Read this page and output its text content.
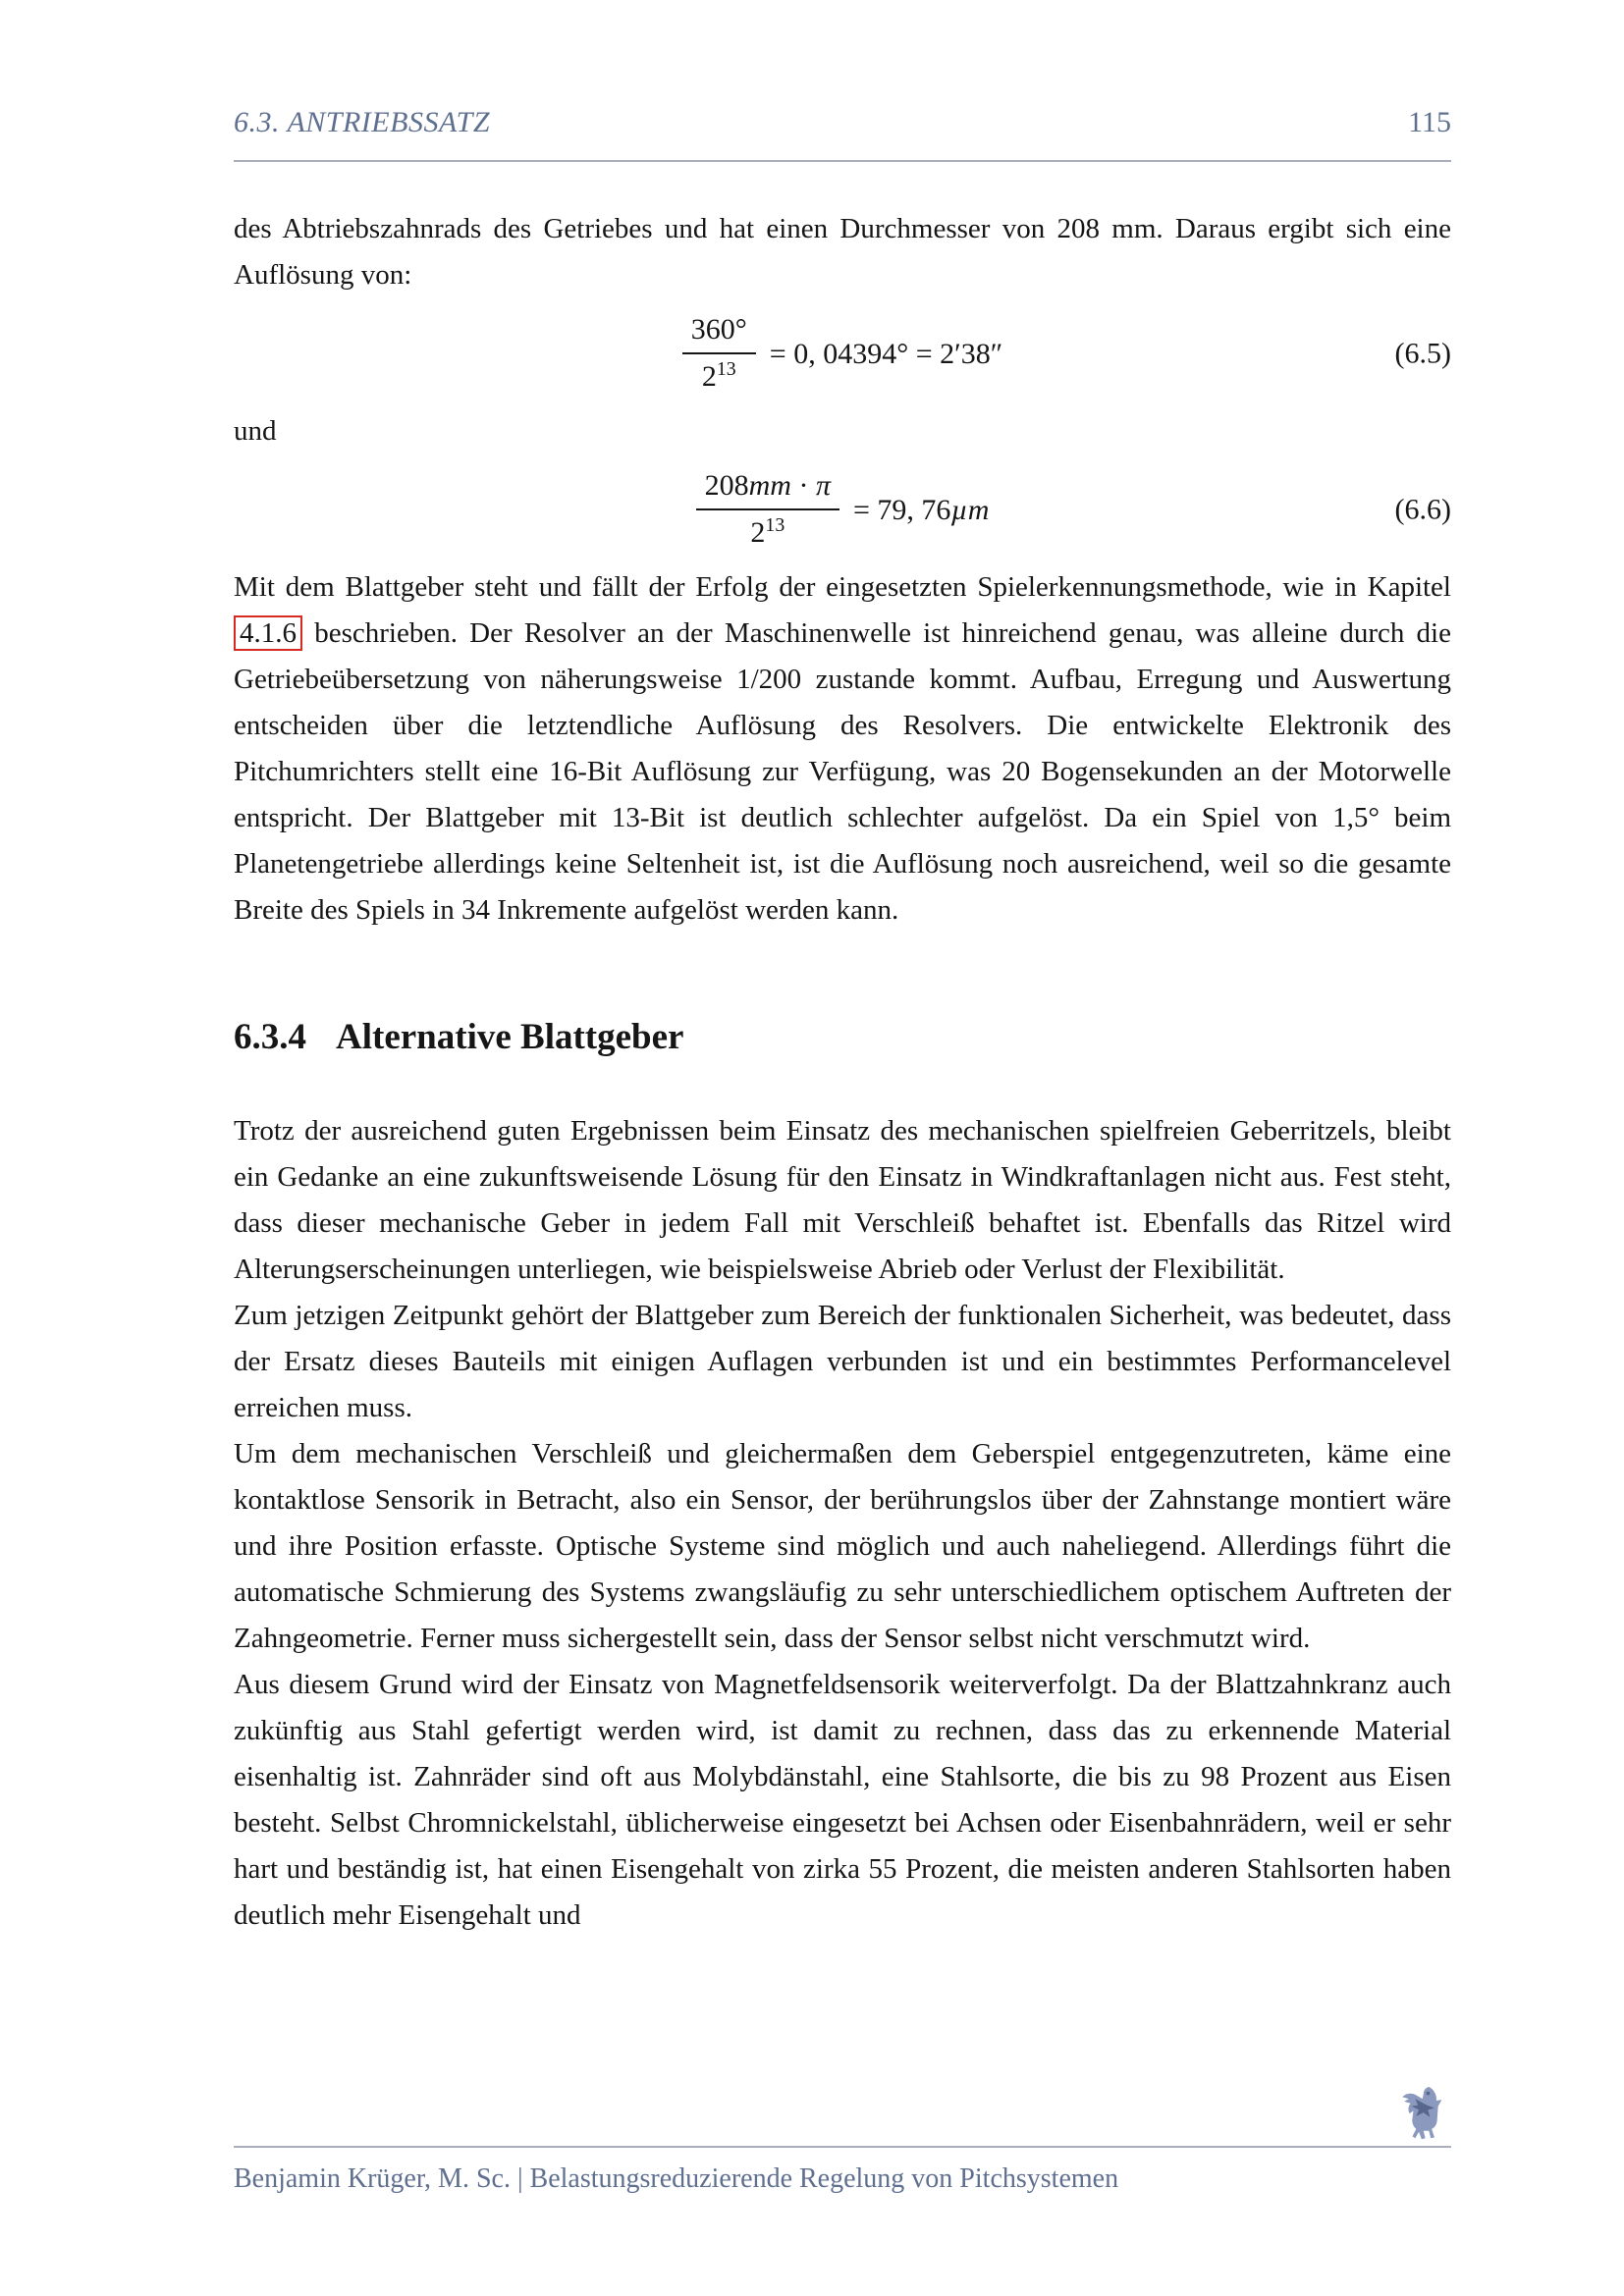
6.3. ANTRIEBSSATZ	115

des Abtriebszahnrads des Getriebes und hat einen Durchmesser von 208 mm. Daraus ergibt sich eine Auflösung von:

$\frac{360^\circ}{2^{13}} = 0$, 04394° = 2′38″	(6.5)

und

$\frac{208mm \cdot \pi}{2^{13}} = 79$, 76µm	(6.6)

Mit dem Blattgeber steht und fällt der Erfolg der eingesetzten Spielerkennungsmethode, wie in Kapitel 4.1.6 beschrieben. Der Resolver an der Maschinenwelle ist hinreichend genau, was alleine durch die Getriebeübersetzung von näherungsweise 1/200 zustande kommt. Aufbau, Erregung und Auswertung entscheiden über die letztendliche Auflösung des Resolvers. Die entwickelte Elektronik des Pitchumrichters stellt eine 16-Bit Auflösung zur Verfügung, was 20 Bogensekunden an der Motorwelle entspricht. Der Blattgeber mit 13-Bit ist deutlich schlechter aufgelöst. Da ein Spiel von 1,5° beim Planetengetriebe allerdings keine Seltenheit ist, ist die Auflösung noch ausreichend, weil so die gesamte Breite des Spiels in 34 Inkremente aufgelöst werden kann.

6.3.4 Alternative Blattgeber

Trotz der ausreichend guten Ergebnissen beim Einsatz des mechanischen spielfreien Geberritzels, bleibt ein Gedanke an eine zukunftsweisende Lösung für den Einsatz in Windkraftanlagen nicht aus. Fest steht, dass dieser mechanische Geber in jedem Fall mit Verschleiß behaftet ist. Ebenfalls das Ritzel wird Alterungserscheinungen unterliegen, wie beispielsweise Abrieb oder Verlust der Flexibilität.

Zum jetzigen Zeitpunkt gehört der Blattgeber zum Bereich der funktionalen Sicherheit, was bedeutet, dass der Ersatz dieses Bauteils mit einigen Auflagen verbunden ist und ein bestimmtes Performancelevel erreichen muss.

Um dem mechanischen Verschleiß und gleichermaßen dem Geberspiel entgegenzutreten, käme eine kontaktlose Sensorik in Betracht, also ein Sensor, der berührungslos über der Zahnstange montiert wäre und ihre Position erfasste. Optische Systeme sind möglich und auch naheliegend. Allerdings führt die automatische Schmierung des Systems zwangsläufig zu sehr unterschiedlichem optischem Auftreten der Zahngeometrie. Ferner muss sichergestellt sein, dass der Sensor selbst nicht verschmutzt wird.

Aus diesem Grund wird der Einsatz von Magnetfeldsensorik weiterverfolgt. Da der Blattzahnkranz auch zukünftig aus Stahl gefertigt werden wird, ist damit zu rechnen, dass das zu erkennende Material eisenhaltig ist. Zahnräder sind oft aus Molybdänstahl, eine Stahlsorte, die bis zu 98 Prozent aus Eisen besteht. Selbst Chromnickelstahl, üblicherweise eingesetzt bei Achsen oder Eisenbahnrädern, weil er sehr hart und beständig ist, hat einen Eisengehalt von zirka 55 Prozent, die meisten anderen Stahlsorten haben deutlich mehr Eisengehalt und

Benjamin Krüger, M. Sc. | Belastungsreduzierende Regelung von Pitchsystemen
